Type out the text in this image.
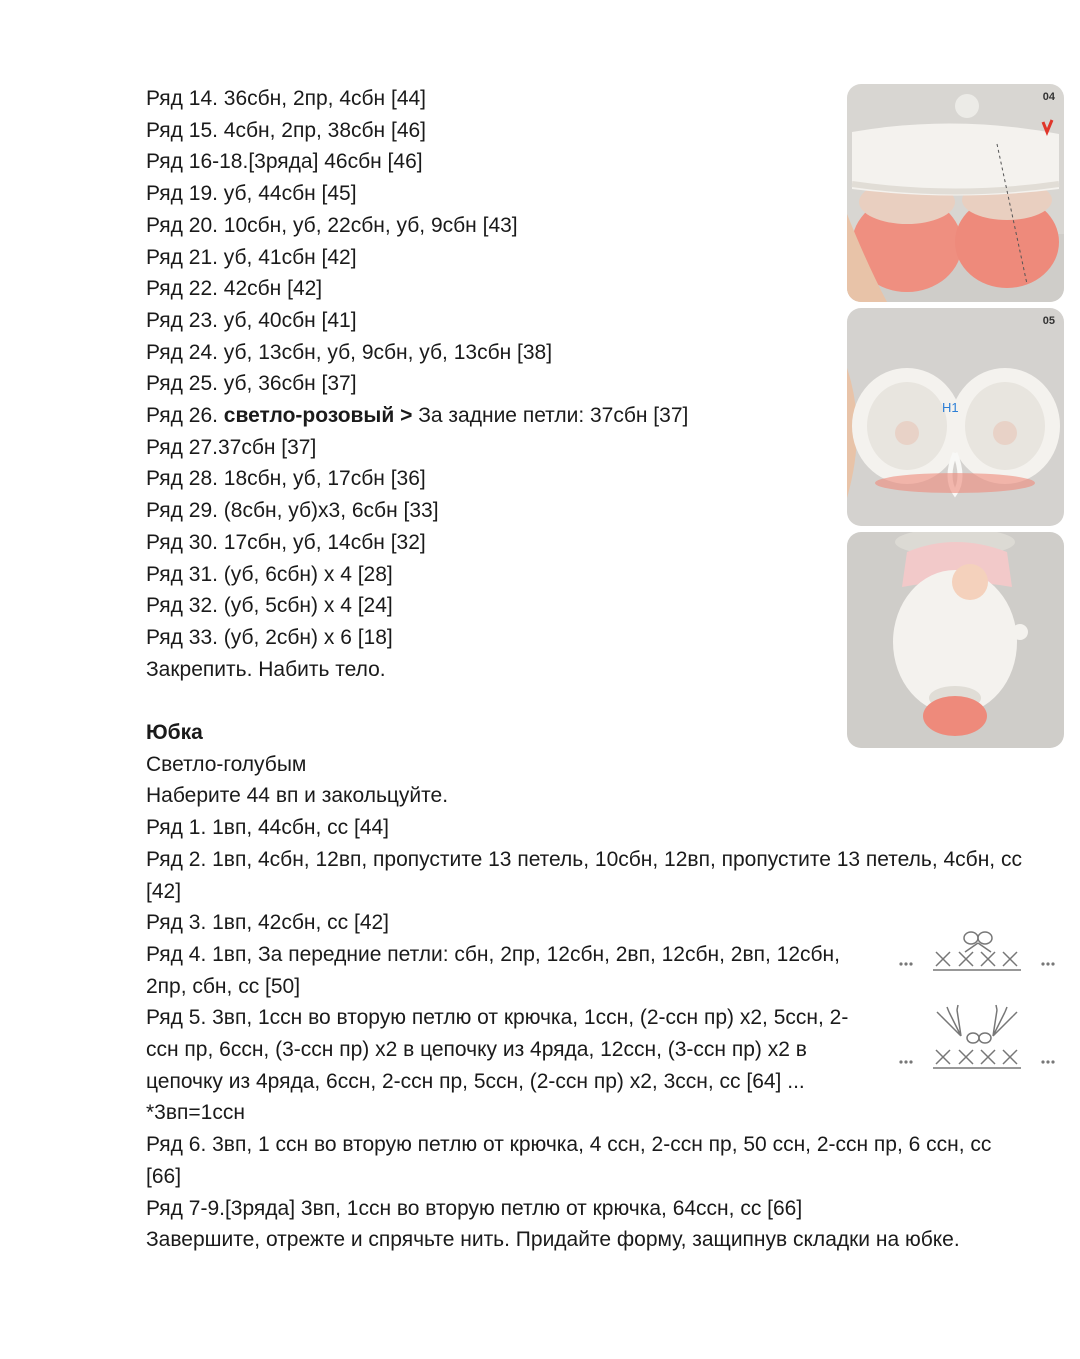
Ряд 14. 36сбн, 2пр, 4сбн [44]
Ряд 15. 4сбн, 2пр, 38сбн [46]
Ряд 16-18.[3ряда] 46сбн [46]
Ряд 19. уб, 44сбн [45]
Ряд 20. 10сбн, уб, 22сбн, уб, 9сбн [43]
Ряд 21. уб, 41сбн [42]
Ряд 22. 42сбн [42]
Ряд 23. уб, 40сбн [41]
Ряд 24. уб, 13сбн, уб, 9сбн, уб, 13сбн [38]
Ряд 25. уб, 36сбн [37]
Ряд 26. светло-розовый > За задние петли: 37сбн [37]
Ряд 27.37сбн [37]
Ряд 28. 18сбн, уб, 17сбн [36]
Ряд 29. (8сбн, уб)x3, 6сбн [33]
Ряд 30. 17сбн, уб, 14сбн [32]
Ряд 31. (уб, 6сбн) x 4 [28]
Ряд 32. (уб, 5сбн) x 4 [24]
Ряд 33. (уб, 2сбн) x 6 [18]
Закрепить. Набить тело.
Юбка
Светло-голубым
Наберите 44 вп и закольцуйте.
Ряд 1. 1вп, 44сбн, сс [44]
Ряд 2. 1вп, 4сбн, 12вп, пропустите 13 петель, 10сбн, 12вп, пропустите 13 петель, 4сбн, сс [42]
Ряд 3. 1вп, 42сбн, сс [42]
Ряд 4. 1вп, За передние петли: сбн, 2пр, 12сбн, 2вп, 12сбн, 2вп, 12сбн, 2пр, сбн, сс [50]
Ряд 5. 3вп, 1ссн во вторую петлю от крючка, 1ссн, (2-ссн пр) x2, 5ссн, 2-ссн пр, 6ссн, (3-ссн пр) x2 в цепочку из 4ряда, 12ссн, (3-ссн пр) x2 в цепочку из 4ряда, 6ссн, 2-ссн пр, 5ссн, (2-ссн пр) x2, 3ссн, сс [64] ... *3вп=1ссн
Ряд 6. 3вп, 1 ссн во вторую петлю от крючка, 4 ссн, 2-ссн пр, 50 ссн, 2-ссн пр, 6 ссн, сс [66]
Ряд 7-9.[3ряда] 3вп, 1ссн во вторую петлю от крючка, 64ссн, сс [66]
Завершите, отрежте и спрячьте нить. Придайте форму, защипнув складки на юбке.
04
H1
05
